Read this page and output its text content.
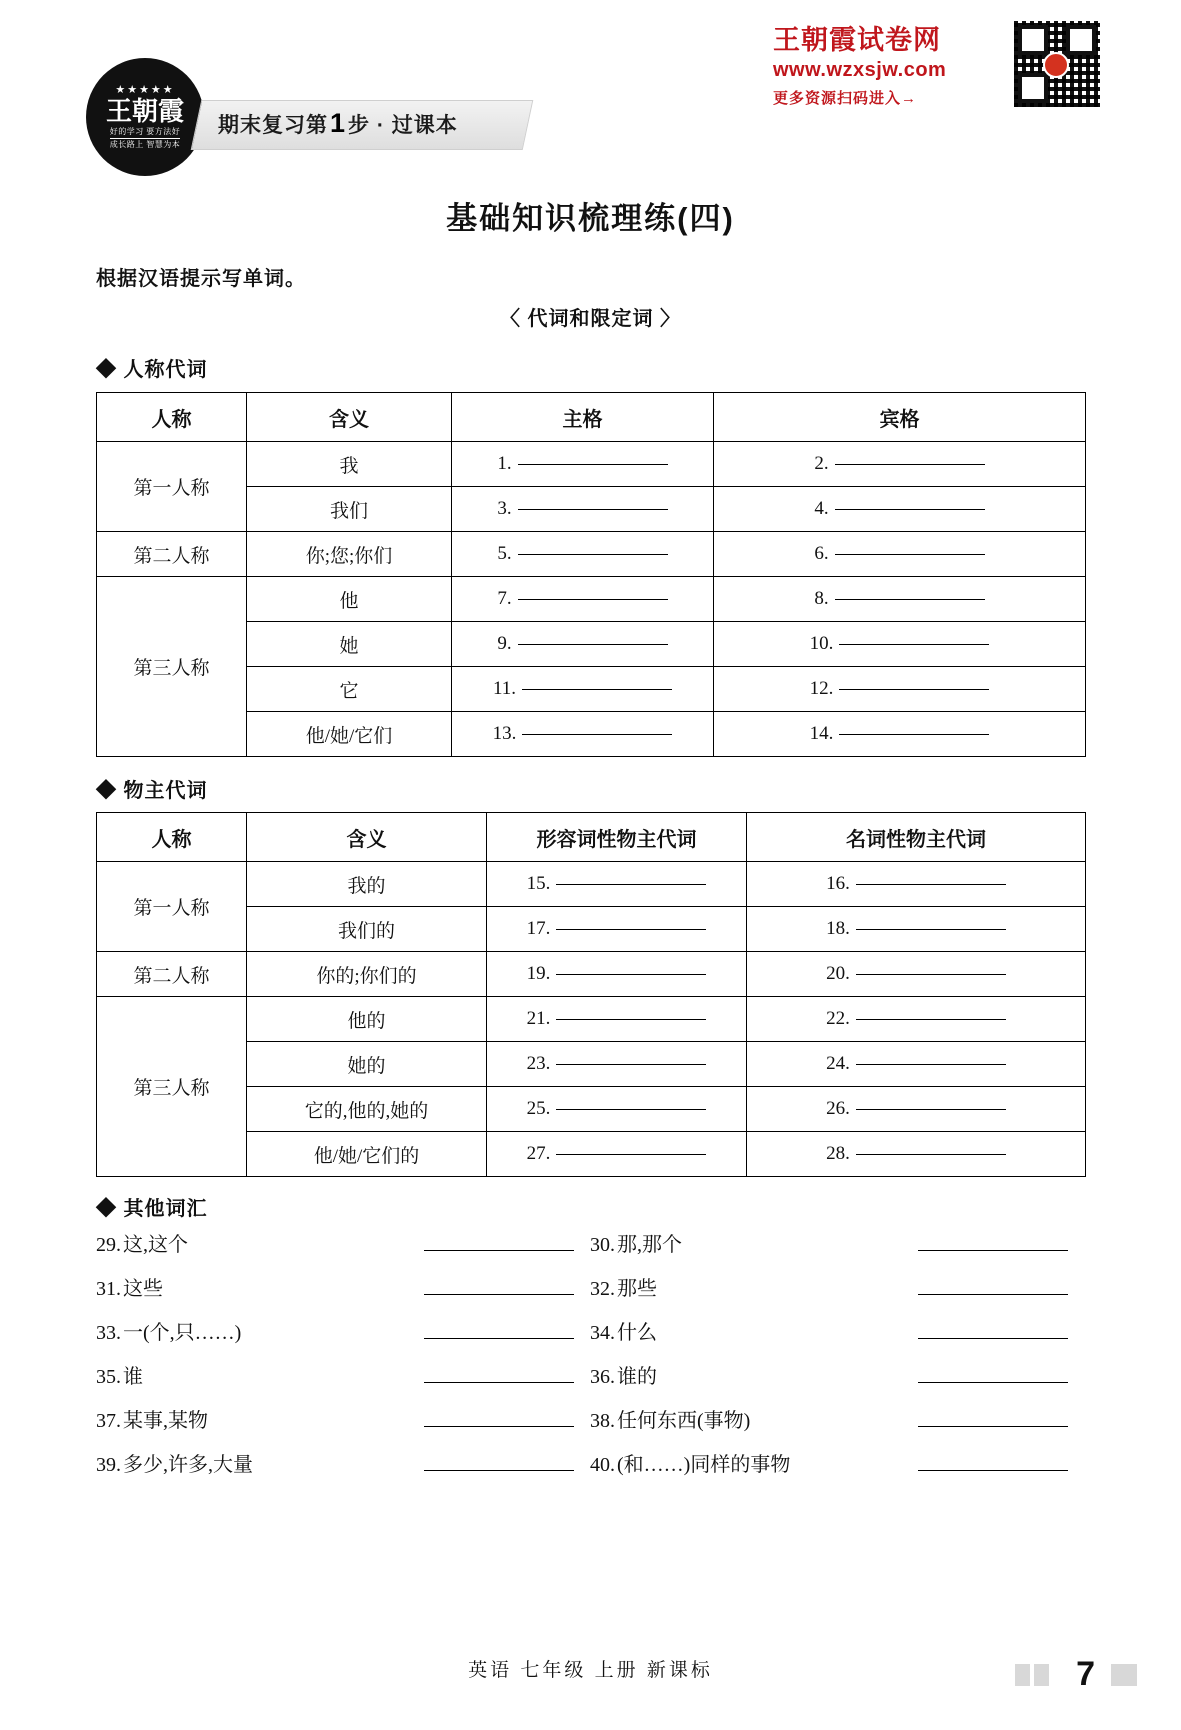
★★★★★
王朝霞
好的学习 要方法好
成长路上 智慧为本
期末复习第1步 · 过课本
王朝霞试卷网
www.wzxsjw.com
更多资源扫码进入→
基础知识梳理练(四)
根据汉语提示写单词。
〈 代词和限定词 〉
◆ 人称代词
人称	含义	主格	宾格
第一人称	我	1.	2.
	我们	3.	4.
第二人称	你;您;你们	5.	6.
第三人称	他	7.	8.
	她	9.	10.
	它	11.	12.
	他/她/它们	13.	14.
◆ 物主代词
人称	含义	形容词性物主代词	名词性物主代词
第一人称	我的	15.	16.
	我们的	17.	18.
第二人称	你的;你们的	19.	20.
第三人称	他的	21.	22.
	她的	23.	24.
	它的,他的,她的	25.	26.
	他/她/它们的	27.	28.
◆ 其他词汇
29. 这,这个	30. 那,那个
31. 这些	32. 那些
33. 一(个,只……)	34. 什么
35. 谁	36. 谁的
37. 某事,某物	38. 任何东西(事物)
39. 多少,许多,大量	40. (和……)同样的事物
英语 七年级 上册 新课标	7
